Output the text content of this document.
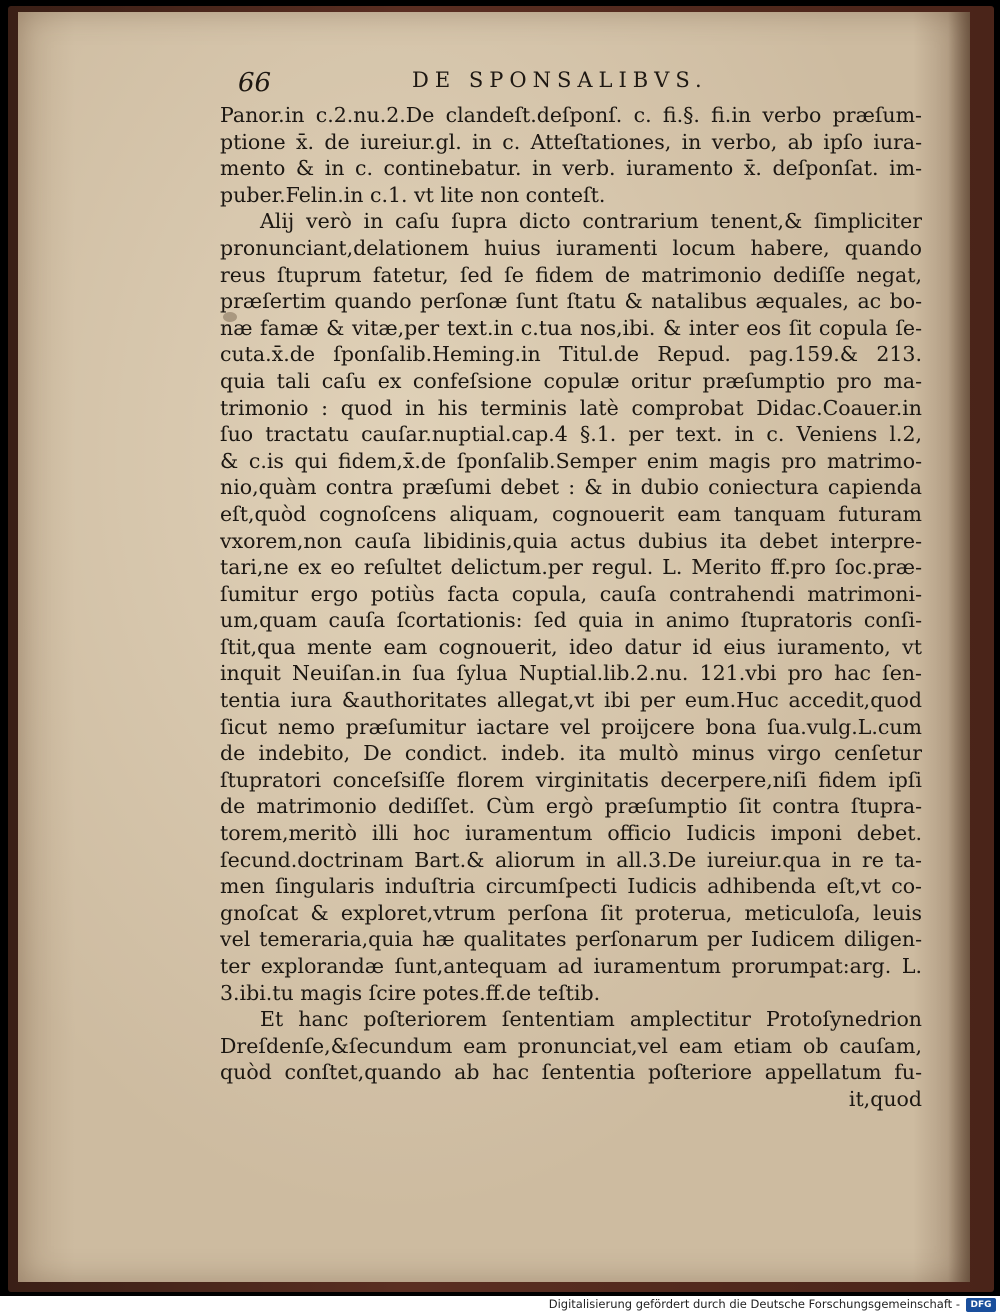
66	DE SPONSALIBVS.
Panor.in c.2.nu.2.De clandeſt.deſponſ. c. fi.§. fi.in verbo præſum-
ptione x̄. de iureiur.gl. in c. Atteſtationes, in verbo, ab ipſo iura-
mento & in c. continebatur. in verb. iuramento x̄. deſponſat. im-
puber.Felin.in c.1. vt lite non conteſt.
Alij verò in caſu ſupra dicto contrarium tenent,& ſimpliciter
pronunciant,delationem huius iuramenti locum habere, quando
reus ſtuprum fatetur, ſed ſe fidem de matrimonio dediſſe negat,
præſertim quando perſonæ ſunt ſtatu & natalibus æquales, ac bo-
næ famæ & vitæ,per text.in c.tua nos,ibi. & inter eos ſit copula ſe-
cuta.x̄.de ſponſalib.Heming.in Titul.de Repud. pag.159.& 213.
quia tali caſu ex confeſsione copulæ oritur præſumptio pro ma-
trimonio : quod in his terminis latè comprobat Didac.Coauer.in
ſuo tractatu cauſar.nuptial.cap.4 §.1. per text. in c. Veniens l.2,
& c.is qui fidem,x̄.de ſponſalib.Semper enim magis pro matrimo-
nio,quàm contra præſumi debet : & in dubio coniectura capienda
eſt,quòd cognoſcens aliquam, cognouerit eam tanquam futuram
vxorem,non cauſa libidinis,quia actus dubius ita debet interpre-
tari,ne ex eo reſultet delictum.per regul. L. Merito ff.pro ſoc.præ-
ſumitur ergo potiùs facta copula, cauſa contrahendi matrimoni-
um,quam cauſa ſcortationis: ſed quia in animo ſtupratoris conſi-
ſtit,qua mente eam cognouerit, ideo datur id eius iuramento, vt
inquit Neuiſan.in ſua ſylua Nuptial.lib.2.nu. 121.vbi pro hac ſen-
tentia iura &authoritates allegat,vt ibi per eum.Huc accedit,quod
ſicut nemo præſumitur iactare vel proijcere bona ſua.vulg.L.cum
de indebito, De condict. indeb. ita multò minus virgo cenſetur
ſtupratori conceſsiſſe florem virginitatis decerpere,niſi fidem ipſi
de matrimonio dediſſet. Cùm ergò præſumptio ſit contra ſtupra-
torem,meritò illi hoc iuramentum officio Iudicis imponi debet.
ſecund.doctrinam Bart.& aliorum in all.3.De iureiur.qua in re ta-
men ſingularis induſtria circumſpecti Iudicis adhibenda eſt,vt co-
gnoſcat & exploret,vtrum perſona ſit proterua, meticuloſa, leuis
vel temeraria,quia hæ qualitates perſonarum per Iudicem diligen-
ter explorandæ ſunt,antequam ad iuramentum prorumpat:arg. L.
3.ibi.tu magis ſcire potes.ff.de teſtib.
Et hanc poſteriorem ſententiam amplectitur Protoſynedrion
Dreſdenſe,&ſecundum eam pronunciat,vel eam etiam ob cauſam,
quòd conſtet,quando ab hac ſententia poſteriore appellatum fu-
it,quod
Digitalisierung gefördert durch die Deutsche Forschungsgemeinschaft -	DFG
